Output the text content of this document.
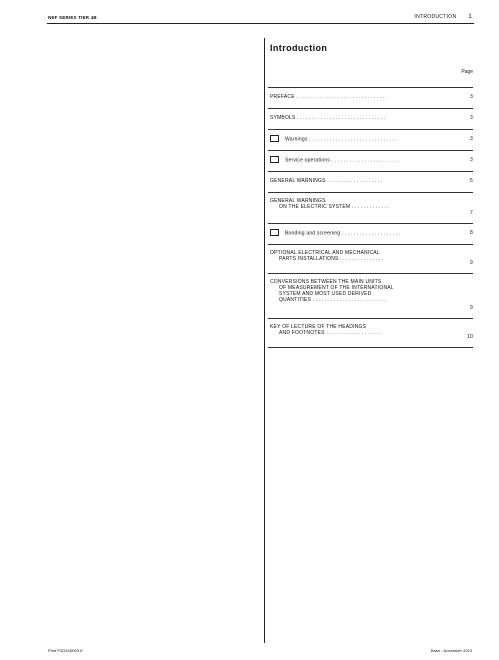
NEF SERIES TIER 4B	INTRODUCTION 1
Introduction
Page
PREFACE ...............................	3
SYMBOLS ..............................	3
Warnings ..............................	3
Service operations .......................	3
GENERAL WARNINGS ...................	5
GENERAL WARNINGS
ON THE ELECTRIC SYSTEM .............
7
Bonding and screening ....................	8
OPTIONAL ELECTRICAL AND MECHANICAL
PARTS INSTALLATIONS ...............
9
CONVERSIONS BETWEEN THE MAIN UNITS
OF MEASUREMENT OF THE INTERNATIONAL
SYSTEM AND MOST USED DERIVED
QUANTITIES .........................
9
KEY OF LECTURE OF THE HEADINGS
AND FOOTNOTES ...................
10
Print P2D32N003 E	Base - November 2013
